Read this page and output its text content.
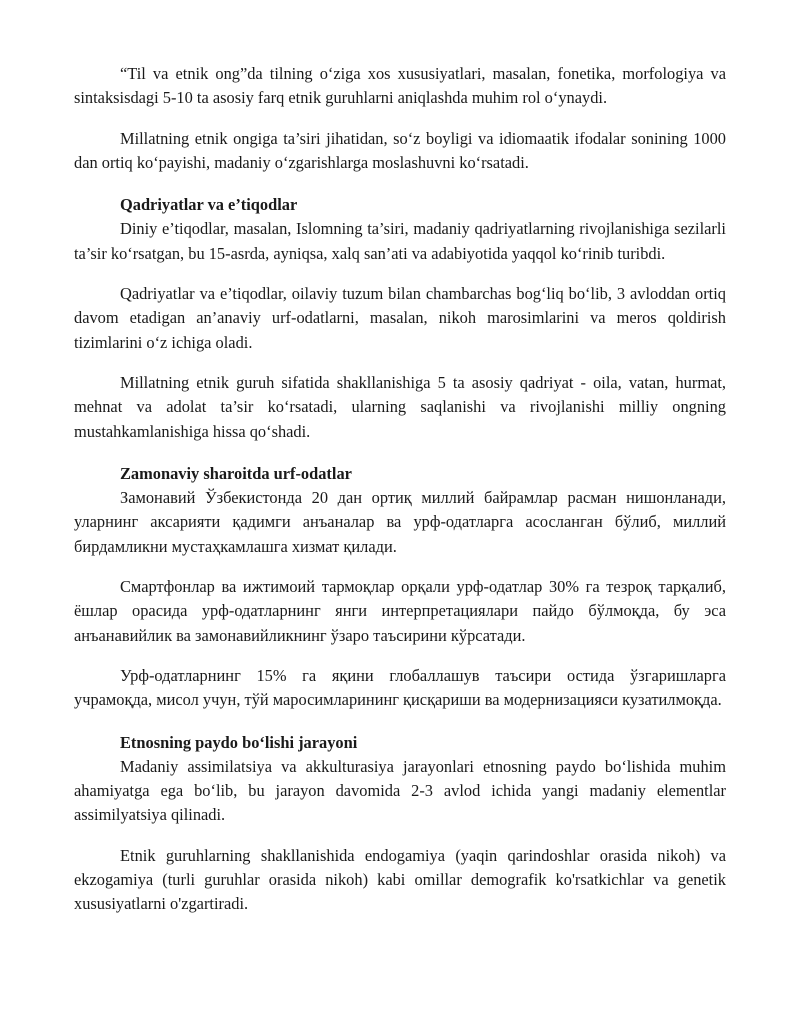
“Til va etnik ong”da tilning o‘ziga xos xususiyatlari, masalan, fonetika, morfologiya va sintaksisdagi 5-10 ta asosiy farq etnik guruhlarni aniqlashda muhim rol o‘ynaydi.

Millatning etnik ongiga ta’siri jihatidan, so‘z boyligi va idiomaatik ifodalar sonining 1000 dan ortiq ko‘payishi, madaniy o‘zgarishlarga moslashuvni ko‘rsatadi.

Qadriyatlar va e’tiqodlar

Diniy e’tiqodlar, masalan, Islomning ta’siri, madaniy qadriyatlarning rivojlanishiga sezilarli ta’sir ko‘rsatgan, bu 15-asrda, ayniqsa, xalq san’ati va adabiyotida yaqqol ko‘rinib turibdi.

Qadriyatlar va e’tiqodlar, oilaviy tuzum bilan chambarchas bog‘liq bo‘lib, 3 avloddan ortiq davom etadigan an’anaviy urf-odatlarni, masalan, nikoh marosimlarini va meros qoldirish tizimlarini o‘z ichiga oladi.

Millatning etnik guruh sifatida shakllanishiga 5 ta asosiy qadriyat - oila, vatan, hurmat, mehnat va adolat ta’sir ko‘rsatadi, ularning saqlanishi va rivojlanishi milliy ongning mustahkamlanishiga hissa qo‘shadi.

Zamonaviy sharoitda urf-odatlar

Замонавий Ўзбекистонда 20 дан ортиқ миллий байрамлар расман нишонланади, уларнинг аксарияти қадимги анъаналар ва урф-одатларга асосланган бўлиб, миллий бирдамликни мустаҳкамлашга хизмат қилади.

Смартфонлар ва ижтимоий тармоқлар орқали урф-одатлар 30% га тезроқ тарқалиб, ёшлар орасида урф-одатларнинг янги интерпретациялари пайдо бўлмоқда, бу эса анъанавийлик ва замонавийликнинг ўзаро таъсирини кўрсатади.

Урф-одатларнинг 15% га яқини глобаллашув таъсири остида ўзгаришларга учрамоқда, мисол учун, тўй маросимларининг қисқариши ва модернизацияси кузатилмоқда.

Etnosning paydo bo‘lishi jarayoni

Madaniy assimilatsiya va akkulturasiya jarayonlari etnosning paydo bo‘lishida muhim ahamiyatga ega bo‘lib, bu jarayon davomida 2-3 avlod ichida yangi madaniy elementlar assimilyatsiya qilinadi.

Etnik guruhlarning shakllanishida endogamiya (yaqin qarindoshlar orasida nikoh) va ekzogamiya (turli guruhlar orasida nikoh) kabi omillar demografik ko'rsatkichlar va genetik xususiyatlarni o'zgartiradi.
